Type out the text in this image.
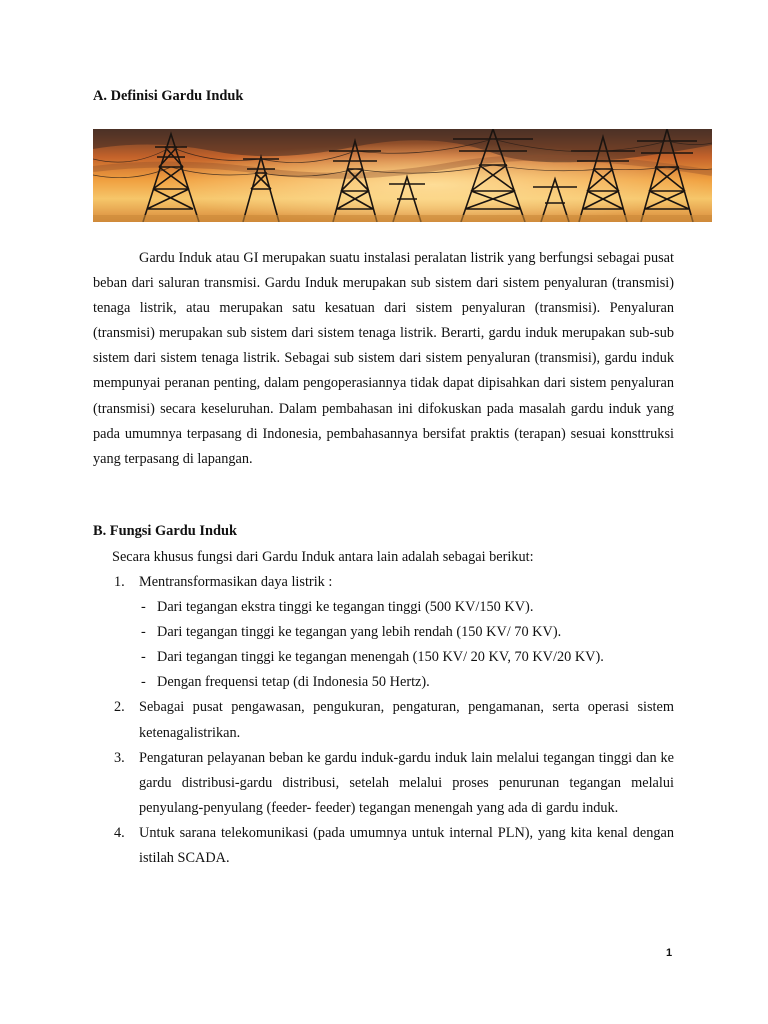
A. Definisi Gardu Induk

Gardu Induk atau GI merupakan suatu instalasi peralatan listrik yang berfungsi sebagai pusat beban dari saluran transmisi. Gardu Induk merupakan sub sistem dari sistem penyaluran (transmisi) tenaga listrik, atau merupakan satu kesatuan dari sistem penyaluran (transmisi). Penyaluran (transmisi) merupakan sub sistem dari sistem tenaga listrik. Berarti, gardu induk merupakan sub-sub sistem dari sistem tenaga listrik. Sebagai sub sistem dari sistem penyaluran (transmisi), gardu induk mempunyai peranan penting, dalam pengoperasiannya tidak dapat dipisahkan dari sistem penyaluran (transmisi) secara keseluruhan. Dalam pembahasan ini difokuskan pada masalah gardu induk yang pada umumnya terpasang di Indonesia, pembahasannya bersifat praktis (terapan) sesuai konsttruksi yang terpasang di lapangan.

B. Fungsi Gardu Induk

Secara khusus fungsi dari Gardu Induk antara lain adalah sebagai berikut:

1. Mentransformasikan daya listrik :
- Dari tegangan ekstra tinggi ke tegangan tinggi (500 KV/150 KV).
- Dari tegangan tinggi ke tegangan yang lebih rendah (150 KV/ 70 KV).
- Dari tegangan tinggi ke tegangan menengah (150 KV/ 20 KV, 70 KV/20 KV).
- Dengan frequensi tetap (di Indonesia 50 Hertz).
2. Sebagai pusat pengawasan, pengukuran, pengaturan, pengamanan, serta operasi sistem ketenagalistrikan.
3. Pengaturan pelayanan beban ke gardu induk-gardu induk lain melalui tegangan tinggi dan ke gardu distribusi-gardu distribusi, setelah melalui proses penurunan tegangan melalui penyulang-penyulang (feeder- feeder) tegangan menengah yang ada di gardu induk.
4. Untuk sarana telekomunikasi (pada umumnya untuk internal PLN), yang kita kenal dengan istilah SCADA.
1
